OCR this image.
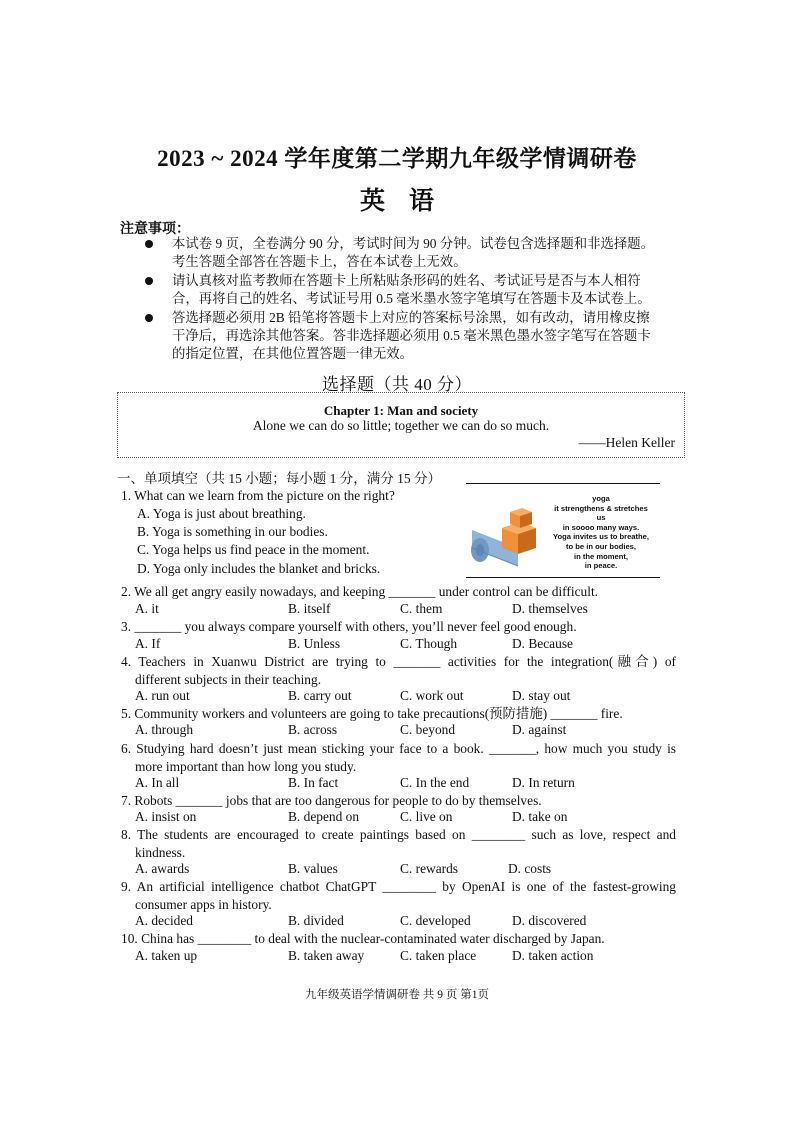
2023 ~ 2024 学年度第二学期九年级学情调研卷
英语
注意事项：
本试卷 9 页，全卷满分 90 分，考试时间为 90 分钟。试卷包含选择题和非选择题。
考生答题全部答在答题卡上，答在本试卷上无效。
请认真核对监考教师在答题卡上所粘贴条形码的姓名、考试证号是否与本人相符
合，再将自己的姓名、考试证号用 0.5 毫米墨水签字笔填写在答题卡及本试卷上。
答选择题必须用 2B 铅笔将答题卡上对应的答案标号涂黑，如有改动，请用橡皮擦
干净后，再选涂其他答案。答非选择题必须用 0.5 毫米黑色墨水签字笔写在答题卡
的指定位置，在其他位置答题一律无效。
选择题（共 40 分）
Chapter 1: Man and society
Alone we can do so little; together we can do so much.
——Helen Keller
一、单项填空（共 15 小题；每小题 1 分，满分 15 分）
yoga
it strengthens & stretches
us
in soooo many ways.
Yoga invites us to breathe,
to be in our bodies,
in the moment,
in peace.
1. What can we learn from the picture on the right?
A. Yoga is just about breathing.
B. Yoga is something in our bodies.
C. Yoga helps us find peace in the moment.
D. Yoga only includes the blanket and bricks.
2. We all get angry easily nowadays, and keeping _______ under control can be difficult.
A. it	B. itself	C. them	D. themselves
3. _______ you always compare yourself with others, you’ll never feel good enough.
A. If	B. Unless	C. Though	D. Because
4. Teachers in Xuanwu District are trying to _______ activities for the integration(融合) of
different subjects in their teaching.
A. run out	B. carry out	C. work out	D. stay out
5. Community workers and volunteers are going to take precautions(预防措施) _______ fire.
A. through	B. across	C. beyond	D. against
6. Studying hard doesn’t just mean sticking your face to a book. _______, how much you study is
more important than how long you study.
A. In all	B. In fact	C. In the end	D. In return
7. Robots _______ jobs that are too dangerous for people to do by themselves.
A. insist on	B. depend on	C. live on	D. take on
8. The students are encouraged to create paintings based on ________ such as love, respect and
kindness.
A. awards	B. values	C. rewards	D. costs
9. An artificial intelligence chatbot ChatGPT ________ by OpenAI is one of the fastest-growing
consumer apps in history.
A. decided	B. divided	C. developed	D. discovered
10. China has ________ to deal with the nuclear-contaminated water discharged by Japan.
A. taken up	B. taken away	C. taken place	D. taken action
九年级英语学情调研卷 共 9 页 第1页
